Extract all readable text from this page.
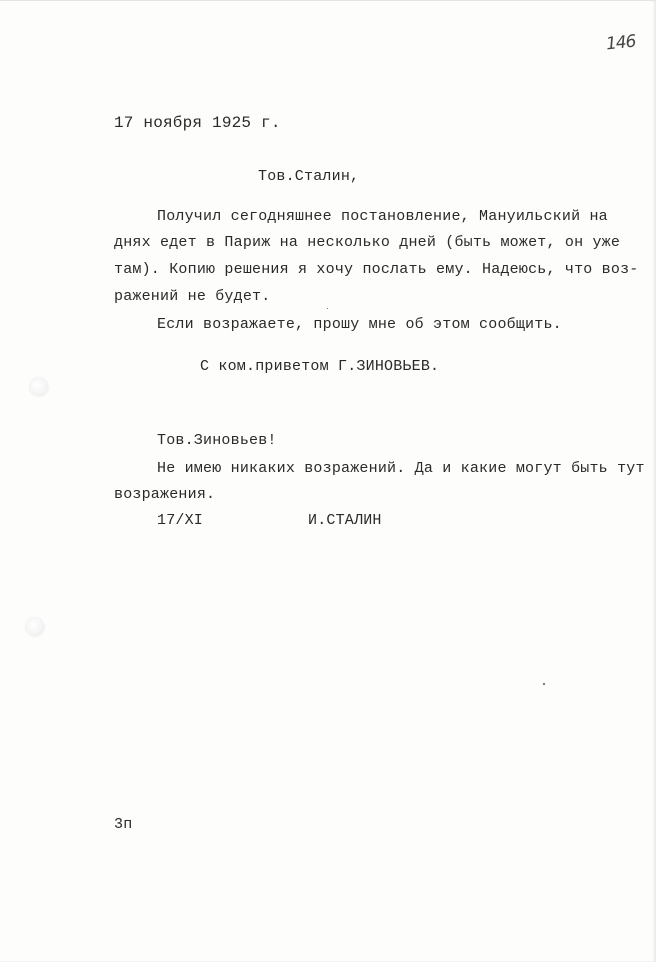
146
17 ноября 1925 г.
Тов.Сталин,
Получил сегодняшнее постановление, Мануильский на
днях едет в Париж на несколько дней (быть может, он уже
там). Копию решения я хочу послать ему. Надеюсь, что воз-
ражений не будет.
Если возражаете, прошу мне об этом сообщить.
С ком.приветом Г.ЗИНОВЬЕВ.
Тов.Зиновьев!
Не имею никаких возражений. Да и какие могут быть тут
возражения.
17/XI	И.СТАЛИН
3п
